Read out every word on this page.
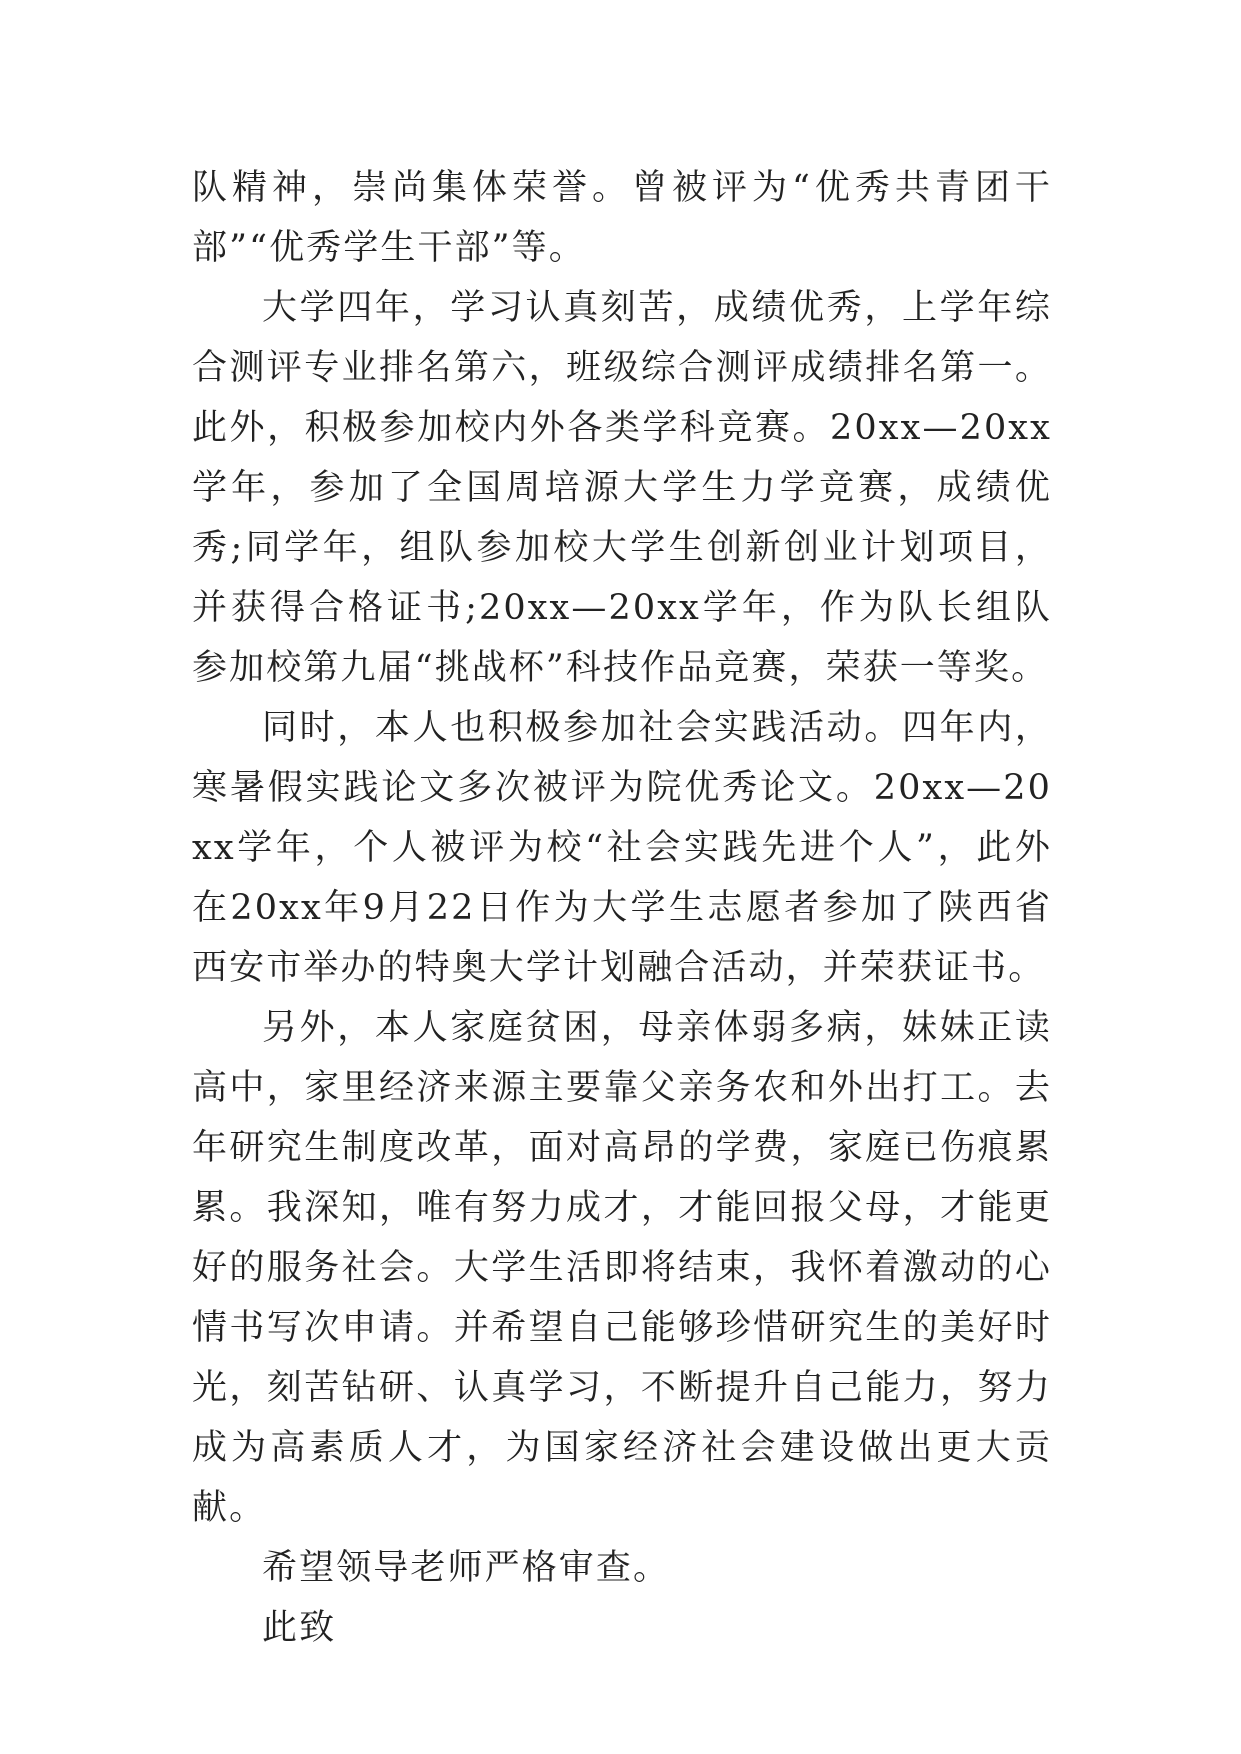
队精神，崇尚集体荣誉。曾被评为“优秀共青团干部”“优秀学生干部”等。

大学四年，学习认真刻苦，成绩优秀，上学年综合测评专业排名第六，班级综合测评成绩排名第一。此外，积极参加校内外各类学科竞赛。20xx—20xx学年，参加了全国周培源大学生力学竞赛，成绩优秀;同学年，组队参加校大学生创新创业计划项目，并获得合格证书;20xx—20xx学年，作为队长组队参加校第九届“挑战杯”科技作品竞赛，荣获一等奖。

同时，本人也积极参加社会实践活动。四年内，寒暑假实践论文多次被评为院优秀论文。20xx—20xx学年，个人被评为校“社会实践先进个人”，此外在20xx年9月22日作为大学生志愿者参加了陕西省西安市举办的特奥大学计划融合活动，并荣获证书。

另外，本人家庭贫困，母亲体弱多病，妹妹正读高中，家里经济来源主要靠父亲务农和外出打工。去年研究生制度改革，面对高昂的学费，家庭已伤痕累累。我深知，唯有努力成才，才能回报父母，才能更好的服务社会。大学生活即将结束，我怀着激动的心情书写次申请。并希望自己能够珍惜研究生的美好时光，刻苦钻研、认真学习，不断提升自己能力，努力成为高素质人才，为国家经济社会建设做出更大贡献。

希望领导老师严格审查。

此致
